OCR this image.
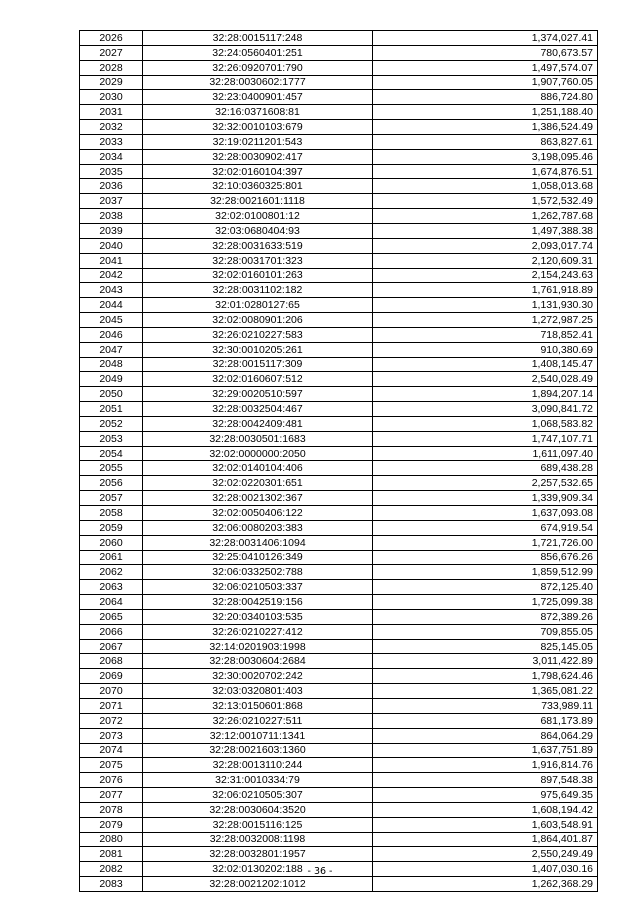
2026	32:28:0015117:248	1,374,027.41
2027	32:24:0560401:251	780,673.57
2028	32:26:0920701:790	1,497,574.07
2029	32:28:0030602:1777	1,907,760.05
2030	32:23:0400901:457	886,724.80
2031	32:16:0371608:81	1,251,188.40
2032	32:32:0010103:679	1,386,524.49
2033	32:19:0211201:543	863,827.61
2034	32:28:0030902:417	3,198,095.46
2035	32:02:0160104:397	1,674,876.51
2036	32:10:0360325:801	1,058,013.68
2037	32:28:0021601:1118	1,572,532.49
2038	32:02:0100801:12	1,262,787.68
2039	32:03:0680404:93	1,497,388.38
2040	32:28:0031633:519	2,093,017.74
2041	32:28:0031701:323	2,120,609.31
2042	32:02:0160101:263	2,154,243.63
2043	32:28:0031102:182	1,761,918.89
2044	32:01:0280127:65	1,131,930.30
2045	32:02:0080901:206	1,272,987.25
2046	32:26:0210227:583	718,852.41
2047	32:30:0010205:261	910,380.69
2048	32:28:0015117:309	1,408,145.47
2049	32:02:0160607:512	2,540,028.49
2050	32:29:0020510:597	1,894,207.14
2051	32:28:0032504:467	3,090,841.72
2052	32:28:0042409:481	1,068,583.82
2053	32:28:0030501:1683	1,747,107.71
2054	32:02:0000000:2050	1,611,097.40
2055	32:02:0140104:406	689,438.28
2056	32:02:0220301:651	2,257,532.65
2057	32:28:0021302:367	1,339,909.34
2058	32:02:0050406:122	1,637,093.08
2059	32:06:0080203:383	674,919.54
2060	32:28:0031406:1094	1,721,726.00
2061	32:25:0410126:349	856,676.26
2062	32:06:0332502:788	1,859,512.99
2063	32:06:0210503:337	872,125.40
2064	32:28:0042519:156	1,725,099.38
2065	32:20:0340103:535	872,389.26
2066	32:26:0210227:412	709,855.05
2067	32:14:0201903:1998	825,145.05
2068	32:28:0030604:2684	3,011,422.89
2069	32:30:0020702:242	1,798,624.46
2070	32:03:0320801:403	1,365,081.22
2071	32:13:0150601:868	733,989.11
2072	32:26:0210227:511	681,173.89
2073	32:12:0010711:1341	864,064.29
2074	32:28:0021603:1360	1,637,751.89
2075	32:28:0013110:244	1,916,814.76
2076	32:31:0010334:79	897,548.38
2077	32:06:0210505:307	975,649.35
2078	32:28:0030604:3520	1,608,194.42
2079	32:28:0015116:125	1,603,548.91
2080	32:28:0032008:1198	1,864,401.87
2081	32:28:0032801:1957	2,550,249.49
2082	32:02:0130202:188	1,407,030.16
2083	32:28:0021202:1012	1,262,368.29
- 36 -
